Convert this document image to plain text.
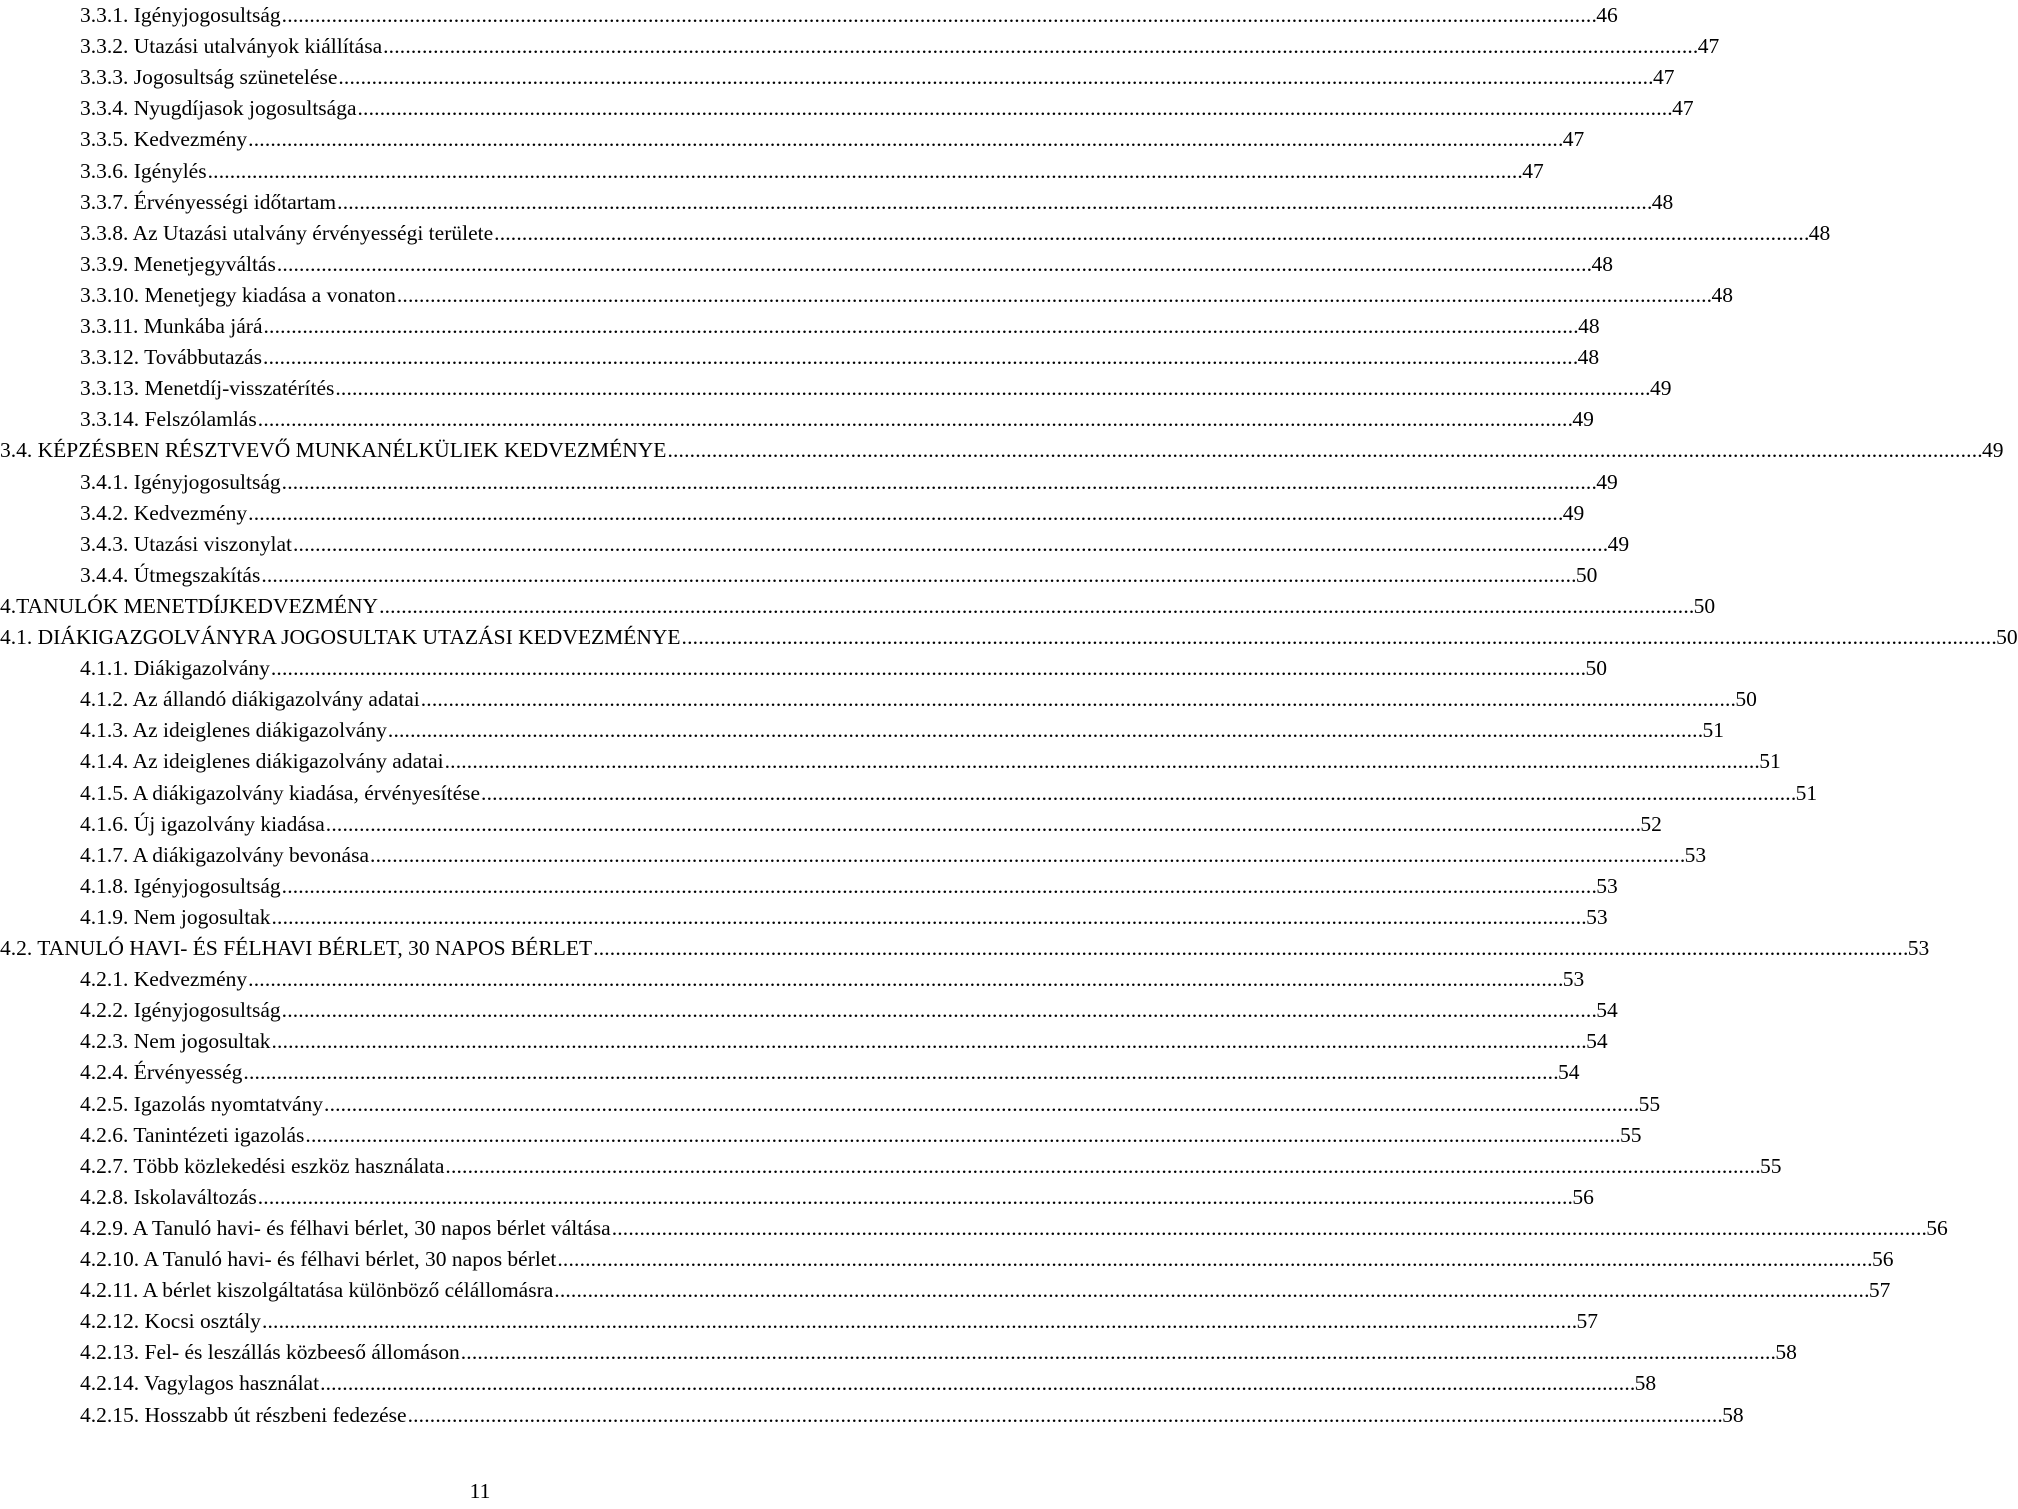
3.3.1. Igényjogosultság . . .	46
3.3.2. Utazási utalványok kiállítása . . .	47
3.3.3. Jogosultság szünetelése . . .	47
3.3.4. Nyugdíjasok jogosultsága . . .	47
3.3.5. Kedvezmény . . .	47
3.3.6. Igénylés . . .	47
3.3.7. Érvényességi időtartam . . .	48
3.3.8. Az Utazási utalvány érvényességi területe . . .	48
3.3.9. Menetjegyváltás . . .	48
3.3.10. Menetjegy kiadása a vonaton . . .	48
3.3.11. Munkába járá . . .	48
3.3.12. Továbbutazás . . .	48
3.3.13. Menetdíj-visszatérítés . . .	49
3.3.14. Felszólamlás . . .	49
3.4. KÉPZÉSBEN RÉSZTVEVŐ MUNKANÉLKÜLIEK KEDVEZMÉNYE . . .	49
3.4.1. Igényjogosultság . . .	49
3.4.2. Kedvezmény . . .	49
3.4.3. Utazási viszonylat . . .	49
3.4.4. Útmegszakítás . . .	50
4.TANULÓK MENETDÍJKEDVEZMÉNY . . .	50
4.1. DIÁKIGAZGOLVÁNYRA JOGOSULTAK UTAZÁSI KEDVEZMÉNYE . . .	50
4.1.1. Diákigazolvány . . .	50
4.1.2. Az állandó diákigazolvány adatai . . .	50
4.1.3. Az ideiglenes diákigazolvány . . .	51
4.1.4. Az ideiglenes diákigazolvány adatai . . .	51
4.1.5. A diákigazolvány kiadása, érvényesítése . . .	51
4.1.6. Új igazolvány kiadása . . .	52
4.1.7. A diákigazolvány bevonása . . .	53
4.1.8. Igényjogosultság . . .	53
4.1.9. Nem jogosultak . . .	53
4.2. TANULÓ HAVI- ÉS FÉLHAVI BÉRLET, 30 NAPOS BÉRLET . . .	53
4.2.1. Kedvezmény . . .	53
4.2.2. Igényjogosultság . . .	54
4.2.3. Nem jogosultak . . .	54
4.2.4. Érvényesség . . .	54
4.2.5. Igazolás nyomtatvány . . .	55
4.2.6. Tanintézeti igazolás . . .	55
4.2.7. Több közlekedési eszköz használata . . .	55
4.2.8. Iskolaváltozás . . .	56
4.2.9. A Tanuló havi- és félhavi bérlet, 30 napos bérlet váltása . . .	56
4.2.10. A Tanuló havi- és félhavi bérlet, 30 napos bérlet . . .	56
4.2.11. A bérlet kiszolgáltatása különböző célállomásra . . .	57
4.2.12. Kocsi osztály . . .	57
4.2.13. Fel- és leszállás közbeeső állomáson . . .	58
4.2.14. Vagylagos használat . . .	58
4.2.15. Hosszabb út részbeni fedezése . . .	58
11
